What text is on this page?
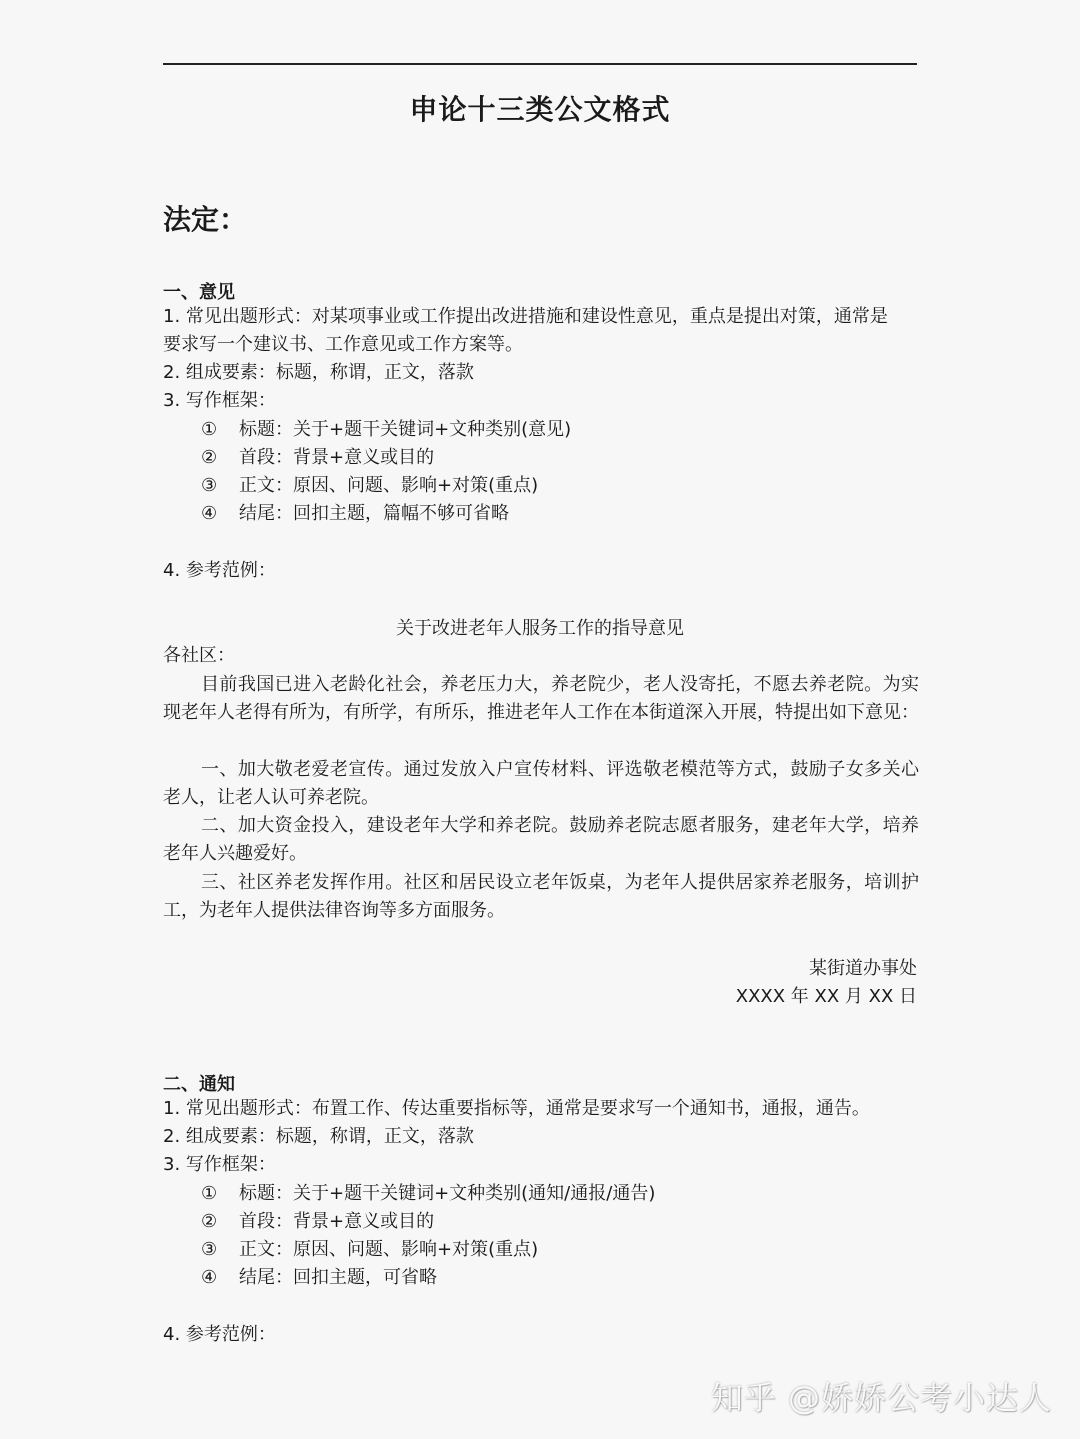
申论十三类公文格式
法定：
一、意见
1. 常见出题形式：对某项事业或工作提出改进措施和建设性意见，重点是提出对策，通常是
要求写一个建议书、工作意见或工作方案等。
2. 组成要素：标题，称谓，正文，落款
3. 写作框架：
① 标题：关于+题干关键词+文种类别(意见)
② 首段：背景+意义或目的
③ 正文：原因、问题、影响+对策(重点)
④ 结尾：回扣主题，篇幅不够可省略
4. 参考范例：
关于改进老年人服务工作的指导意见
各社区：
目前我国已进入老龄化社会，养老压力大，养老院少，老人没寄托，不愿去养老院。为实现老年人老得有所为，有所学，有所乐，推进老年人工作在本街道深入开展，特提出如下意见：
一、加大敬老爱老宣传。通过发放入户宣传材料、评选敬老模范等方式，鼓励子女多关心老人，让老人认可养老院。
二、加大资金投入，建设老年大学和养老院。鼓励养老院志愿者服务，建老年大学，培养老年人兴趣爱好。
三、社区养老发挥作用。社区和居民设立老年饭桌，为老年人提供居家养老服务，培训护工，为老年人提供法律咨询等多方面服务。
某街道办事处
XXXX 年 XX 月 XX 日
二、通知
1. 常见出题形式：布置工作、传达重要指标等，通常是要求写一个通知书，通报，通告。
2. 组成要素：标题，称谓，正文，落款
3. 写作框架：
① 标题：关于+题干关键词+文种类别(通知/通报/通告)
② 首段：背景+意义或目的
③ 正文：原因、问题、影响+对策(重点)
④ 结尾：回扣主题，可省略
4. 参考范例：
知乎 @娇娇公考小达人
